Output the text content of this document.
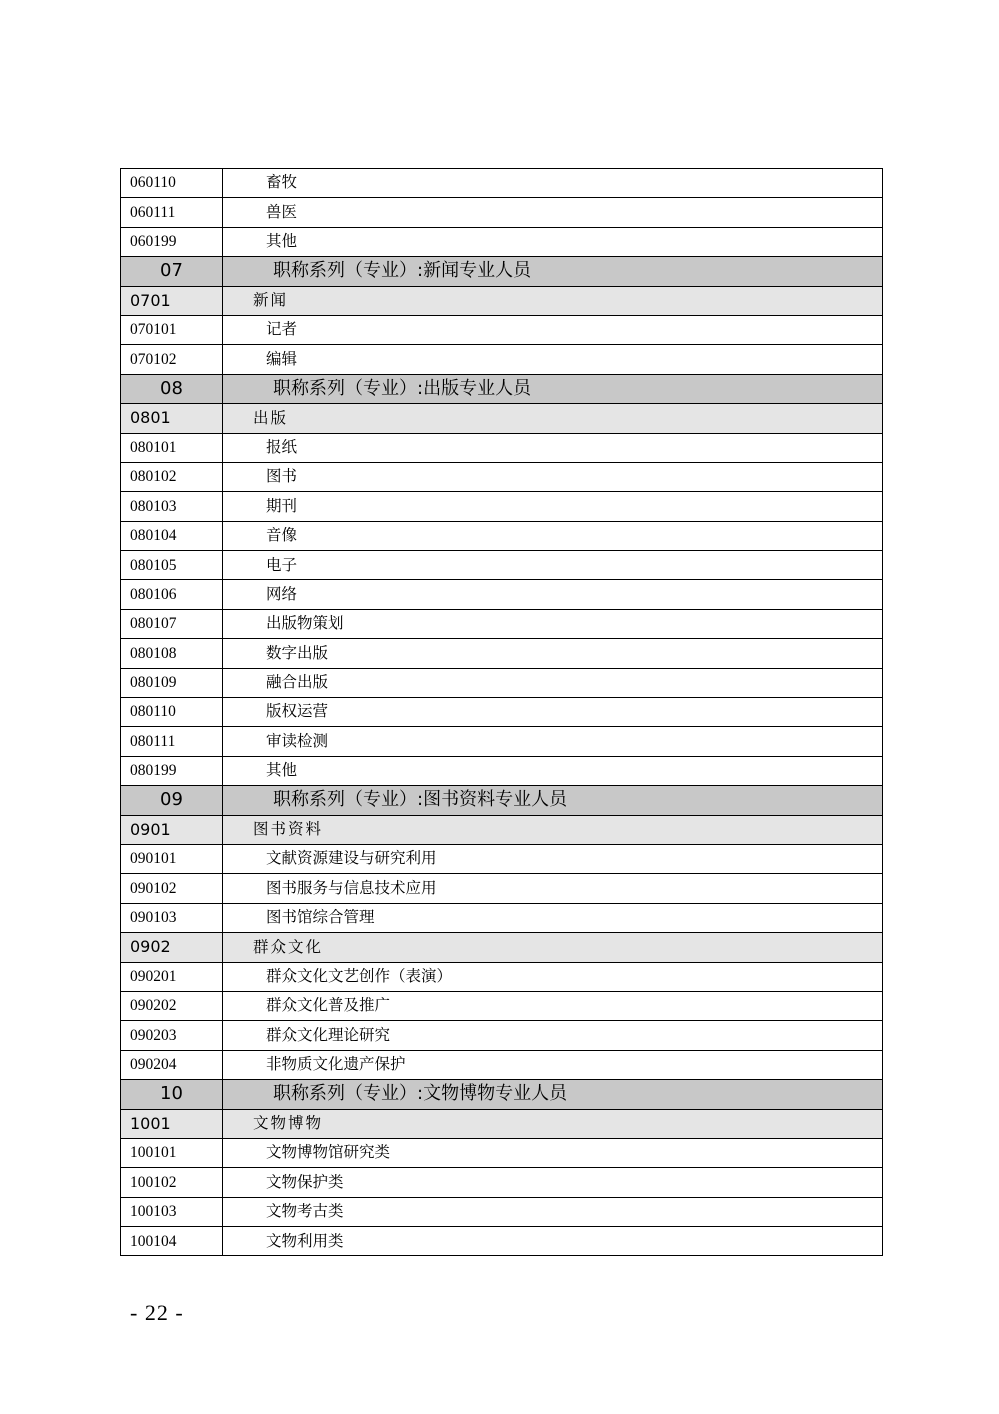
060110	畜牧
060111	兽医
060199	其他
07	职称系列（专业）:新闻专业人员
0701	新闻
070101	记者
070102	编辑
08	职称系列（专业）:出版专业人员
0801	出版
080101	报纸
080102	图书
080103	期刊
080104	音像
080105	电子
080106	网络
080107	出版物策划
080108	数字出版
080109	融合出版
080110	版权运营
080111	审读检测
080199	其他
09	职称系列（专业）:图书资料专业人员
0901	图书资料
090101	文献资源建设与研究利用
090102	图书服务与信息技术应用
090103	图书馆综合管理
0902	群众文化
090201	群众文化文艺创作（表演）
090202	群众文化普及推广
090203	群众文化理论研究
090204	非物质文化遗产保护
10	职称系列（专业）:文物博物专业人员
1001	文物博物
100101	文物博物馆研究类
100102	文物保护类
100103	文物考古类
100104	文物利用类
- 22 -
